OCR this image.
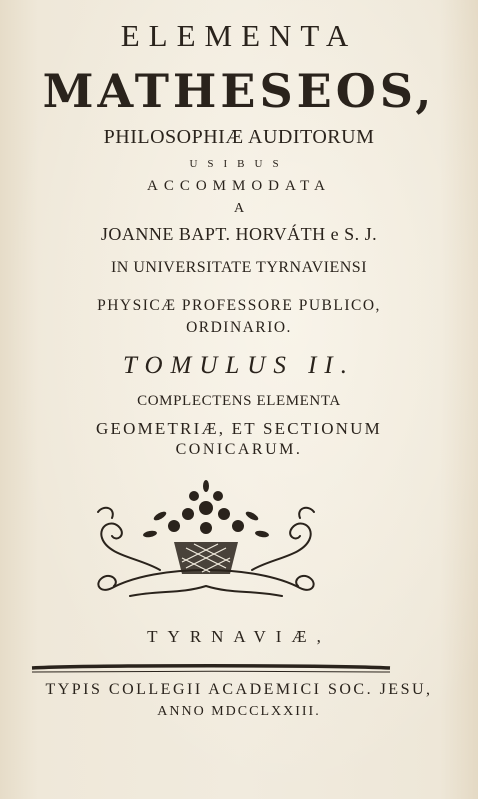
ELEMENTA
MATHESEOS,
PHILOSOPHIÆ AUDITORUM
USIBUS
ACCOMMODATA
A
JOANNE BAPT. HORVÁTH e S. J.
IN UNIVERSITATE TYRNAVIENSI
PHYSICÆ PROFESSORE PUBLICO,
ORDINARIO.
TOMULUS II.
COMPLECTENS ELEMENTA
GEOMETRIÆ, ET SECTIONUM
CONICARUM.
TYRNAVIÆ,
TYPIS COLLEGII ACADEMICI SOC. JESU,
ANNO MDCCLXXIII.
